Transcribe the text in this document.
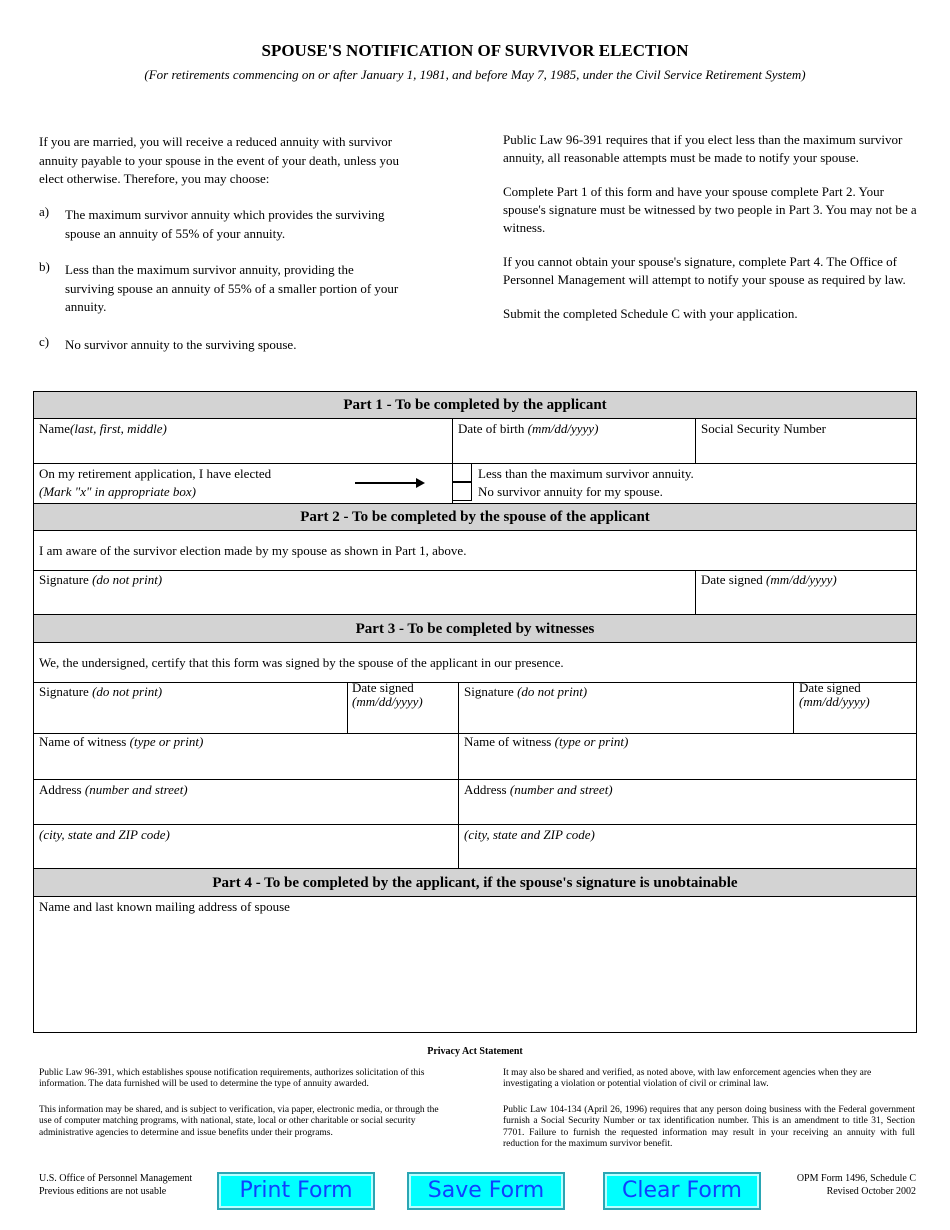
SPOUSE'S NOTIFICATION OF SURVIVOR ELECTION
(For retirements commencing on or after January 1, 1981, and before May 7, 1985, under the Civil Service Retirement System)
If you are married, you will receive a reduced annuity with survivor annuity payable to your spouse in the event of your death, unless you elect otherwise. Therefore, you may choose:
a) The maximum survivor annuity which provides the surviving spouse an annuity of 55% of your annuity.
b) Less than the maximum survivor annuity, providing the surviving spouse an annuity of 55% of a smaller portion of your annuity.
c) No survivor annuity to the surviving spouse.

Public Law 96-391 requires that if you elect less than the maximum survivor annuity, all reasonable attempts must be made to notify your spouse.

Complete Part 1 of this form and have your spouse complete Part 2. Your spouse's signature must be witnessed by two people in Part 3. You may not be a witness.

If you cannot obtain your spouse's signature, complete Part 4. The Office of Personnel Management will attempt to notify your spouse as required by law.

Submit the completed Schedule C with your application.

Part 1 - To be completed by the applicant
Name(last, first, middle)	Date of birth (mm/dd/yyyy)	Social Security Number
On my retirement application, I have elected
(Mark "x" in appropriate box)
Less than the maximum survivor annuity.
No survivor annuity for my spouse.
Part 2 - To be completed by the spouse of the applicant
I am aware of the survivor election made by my spouse as shown in Part 1, above.
Signature (do not print)	Date signed (mm/dd/yyyy)
Part 3 - To be completed by witnesses
We, the undersigned, certify that this form was signed by the spouse of the applicant in our presence.
Signature (do not print)	Date signed
(mm/dd/yyyy)
Signature (do not print)	Date signed
(mm/dd/yyyy)
Name of witness (type or print)	Name of witness (type or print)
Address (number and street)	Address (number and street)
(city, state and ZIP code)	(city, state and ZIP code)
Part 4 - To be completed by the applicant, if the spouse's signature is unobtainable
Name and last known mailing address of spouse
Privacy Act Statement
Public Law 96-391, which establishes spouse notification requirements, authorizes solicitation of this information. The data furnished will be used to determine the type of annuity awarded.
This information may be shared, and is subject to verification, via paper, electronic media, or through the use of computer matching programs, with national, state, local or other charitable or social security administrative agencies to determine and issue benefits under their programs.
It may also be shared and verified, as noted above, with law enforcement agencies when they are investigating a violation or potential violation of civil or criminal law.
Public Law 104-134 (April 26, 1996) requires that any person doing business with the Federal government furnish a Social Security Number or tax identification number. This is an amendment to title 31, Section 7701. Failure to furnish the requested information may result in your receiving an annuity with full reduction for the maximum survivor benefit.
U.S. Office of Personnel Management
Previous editions are not usable
OPM Form 1496, Schedule C
Revised October 2002
Print Form	Save Form	Clear Form
